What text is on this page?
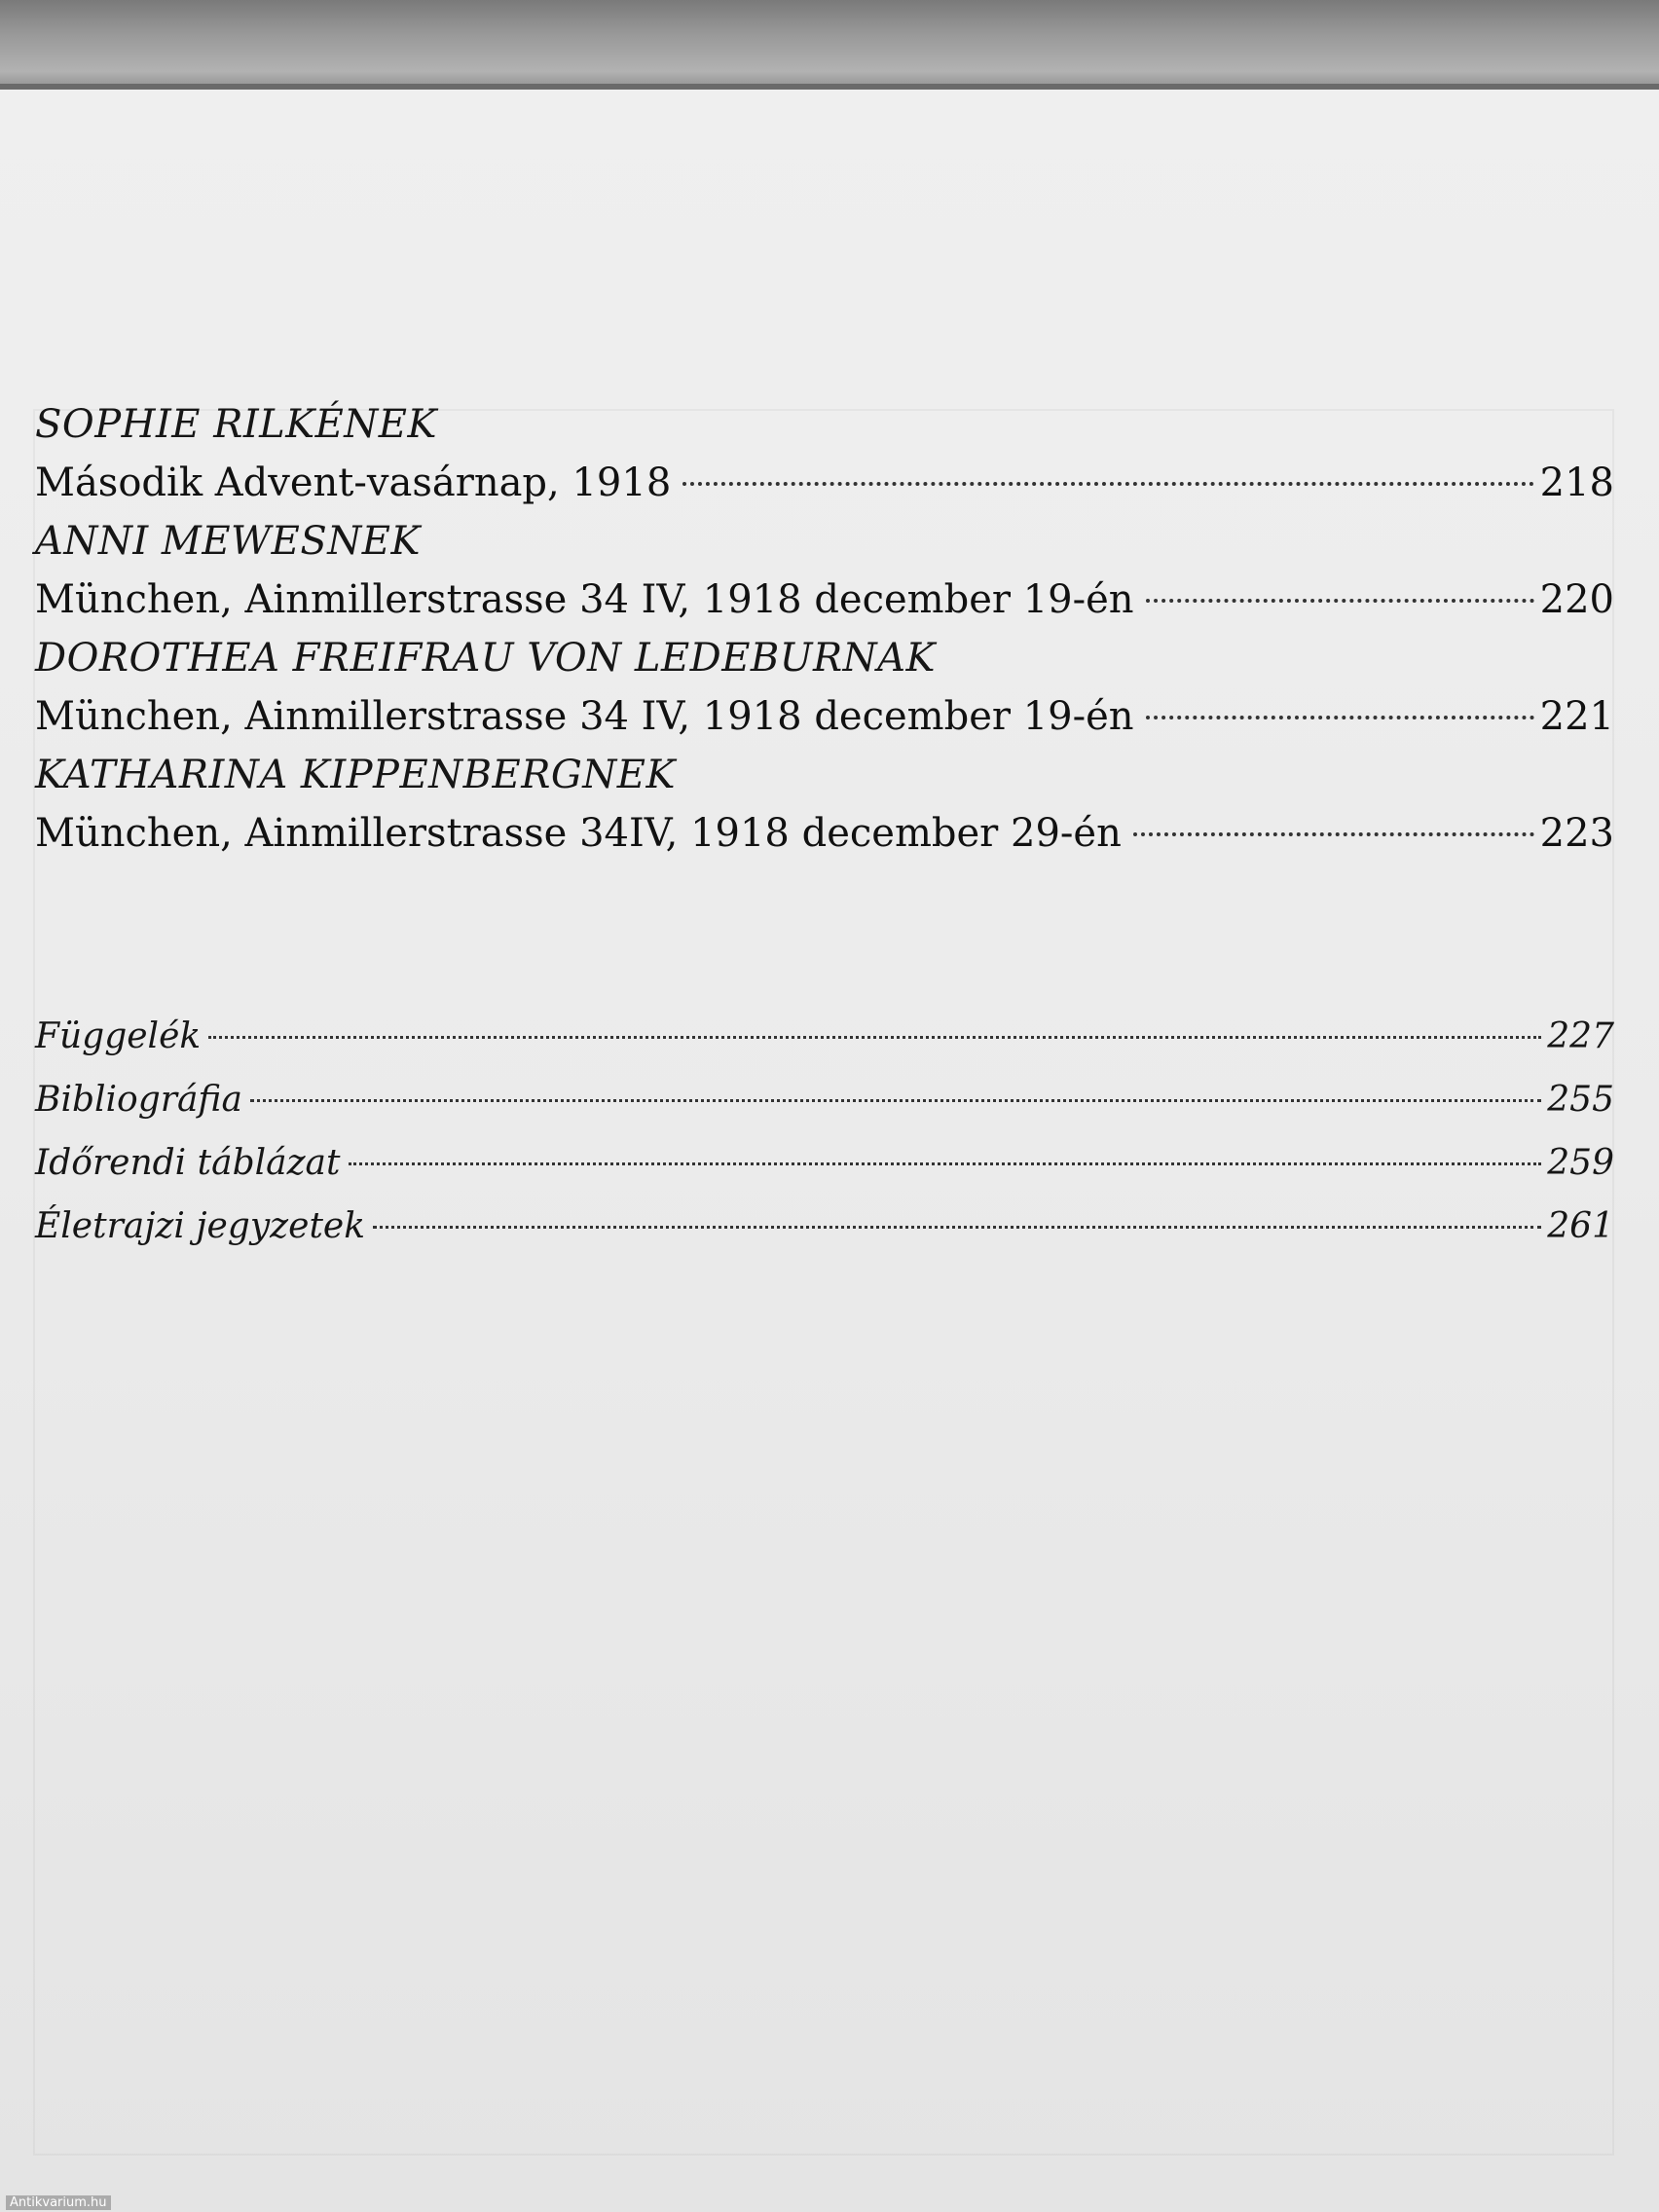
SOPHIE RILKÉNEK
Második Advent-vasárnap, 1918	218
ANNI MEWESNEK
München, Ainmillerstrasse 34 IV, 1918 december 19-én	220
DOROTHEA FREIFRAU VON LEDEBURNAK
München, Ainmillerstrasse 34 IV, 1918 december 19-én	221
KATHARINA KIPPENBERGNEK
München, Ainmillerstrasse 34IV, 1918 december 29-én	223
Függelék	227
Bibliográfia	255
Időrendi táblázat	259
Életrajzi jegyzetek	261
Antikvarium.hu
